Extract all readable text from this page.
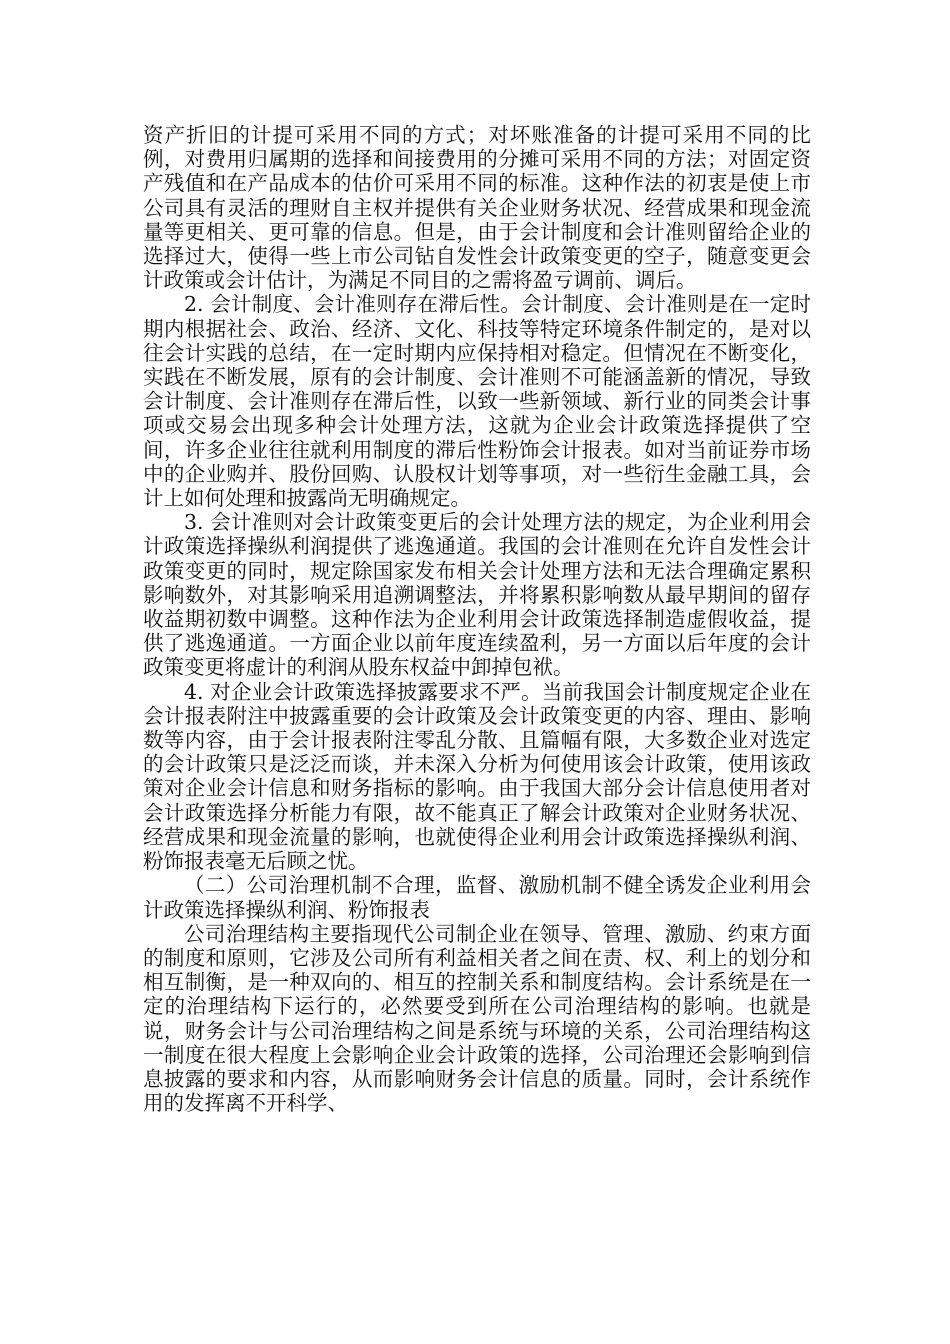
资产折旧的计提可采用不同的方式；对坏账准备的计提可采用不同的比例，对费用归属期的选择和间接费用的分摊可采用不同的方法；对固定资产残值和在产品成本的估价可采用不同的标准。这种作法的初衷是使上市公司具有灵活的理财自主权并提供有关企业财务状况、经营成果和现金流量等更相关、更可靠的信息。但是，由于会计制度和会计准则留给企业的选择过大，使得一些上市公司钻自发性会计政策变更的空子，随意变更会计政策或会计估计，为满足不同目的之需将盈亏调前、调后。

2. 会计制度、会计准则存在滞后性。会计制度、会计准则是在一定时期内根据社会、政治、经济、文化、科技等特定环境条件制定的，是对以往会计实践的总结，在一定时期内应保持相对稳定。但情况在不断变化，实践在不断发展，原有的会计制度、会计准则不可能涵盖新的情况，导致会计制度、会计准则存在滞后性，以致一些新领域、新行业的同类会计事项或交易会出现多种会计处理方法，这就为企业会计政策选择提供了空间，许多企业往往就利用制度的滞后性粉饰会计报表。如对当前证券市场中的企业购并、股份回购、认股权计划等事项，对一些衍生金融工具，会计上如何处理和披露尚无明确规定。

3. 会计准则对会计政策变更后的会计处理方法的规定，为企业利用会计政策选择操纵利润提供了逃逸通道。我国的会计准则在允许自发性会计政策变更的同时，规定除国家发布相关会计处理方法和无法合理确定累积影响数外，对其影响采用追溯调整法，并将累积影响数从最早期间的留存收益期初数中调整。这种作法为企业利用会计政策选择制造虚假收益，提供了逃逸通道。一方面企业以前年度连续盈利，另一方面以后年度的会计政策变更将虚计的利润从股东权益中卸掉包袱。

4. 对企业会计政策选择披露要求不严。当前我国会计制度规定企业在会计报表附注中披露重要的会计政策及会计政策变更的内容、理由、影响数等内容，由于会计报表附注零乱分散、且篇幅有限，大多数企业对选定的会计政策只是泛泛而谈，并未深入分析为何使用该会计政策，使用该政策对企业会计信息和财务指标的影响。由于我国大部分会计信息使用者对会计政策选择分析能力有限，故不能真正了解会计政策对企业财务状况、经营成果和现金流量的影响，也就使得企业利用会计政策选择操纵利润、粉饰报表毫无后顾之忧。

（二）公司治理机制不合理，监督、激励机制不健全诱发企业利用会计政策选择操纵利润、粉饰报表

公司治理结构主要指现代公司制企业在领导、管理、激励、约束方面的制度和原则，它涉及公司所有利益相关者之间在责、权、利上的划分和相互制衡，是一种双向的、相互的控制关系和制度结构。会计系统是在一定的治理结构下运行的，必然要受到所在公司治理结构的影响。也就是说，财务会计与公司治理结构之间是系统与环境的关系，公司治理结构这一制度在很大程度上会影响企业会计政策的选择，公司治理还会影响到信息披露的要求和内容，从而影响财务会计信息的质量。同时，会计系统作用的发挥离不开科学、
